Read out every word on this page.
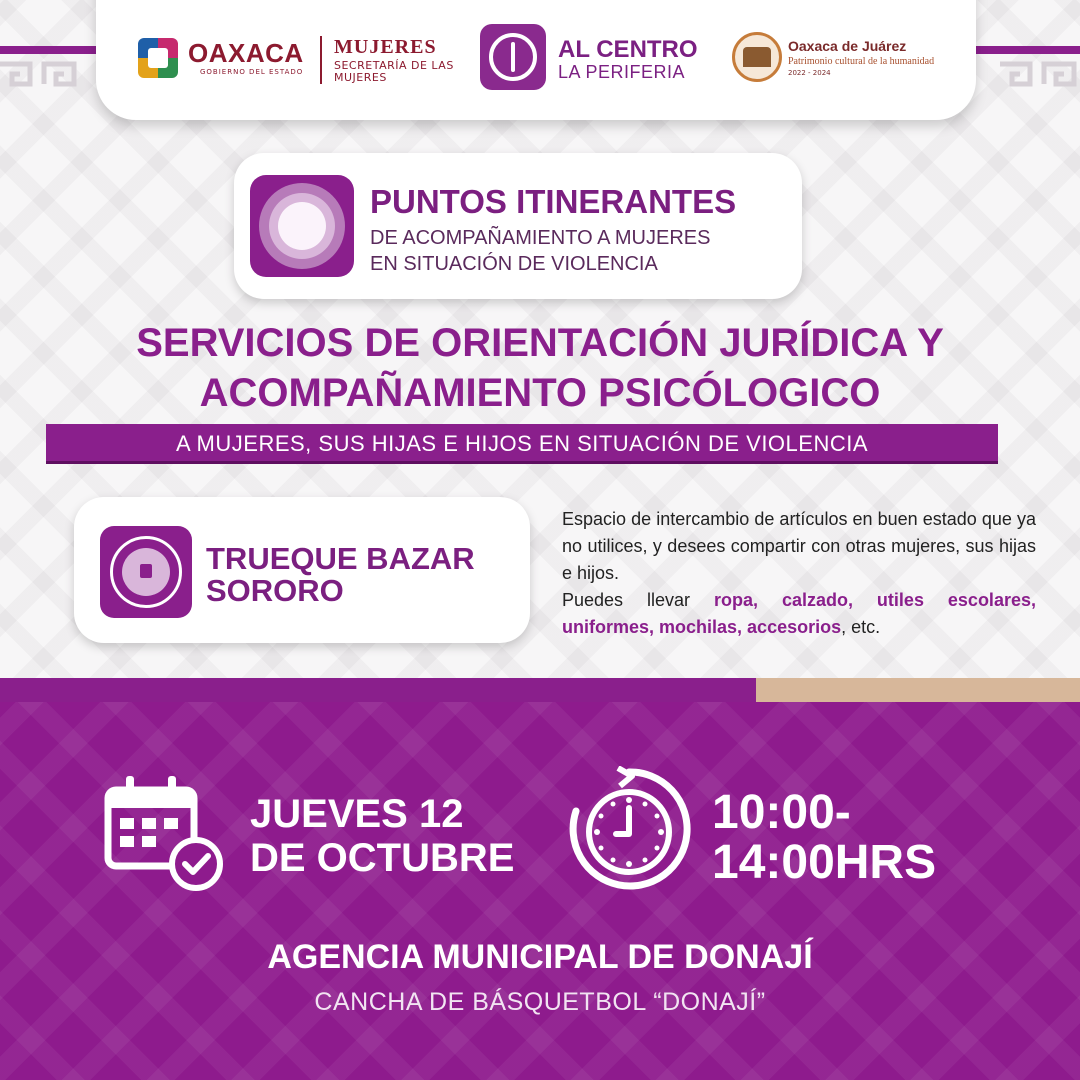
OAXACA
GOBIERNO DEL ESTADO
MUJERES
SECRETARÍA DE LAS MUJERES
AL CENTRO
LA PERIFERIA
Oaxaca de Juárez
Patrimonio cultural de la humanidad
2022 - 2024
PUNTOS ITINERANTES
DE ACOMPAÑAMIENTO A MUJERES
EN SITUACIÓN DE VIOLENCIA
SERVICIOS DE ORIENTACIÓN JURÍDICA Y
ACOMPAÑAMIENTO PSICÓLOGICO
A MUJERES, SUS HIJAS E HIJOS EN SITUACIÓN DE VIOLENCIA
TRUEQUE BAZAR
SORORO
Espacio de intercambio de artículos en buen estado que ya no utilices, y desees compartir con otras mujeres, sus hijas e hijos.
Puedes llevar ropa, calzado, utiles escolares, uniformes, mochilas, accesorios, etc.
JUEVES 12
DE OCTUBRE
10:00-
14:00HRS
AGENCIA MUNICIPAL DE DONAJÍ
CANCHA DE BÁSQUETBOL “DONAJÍ”
